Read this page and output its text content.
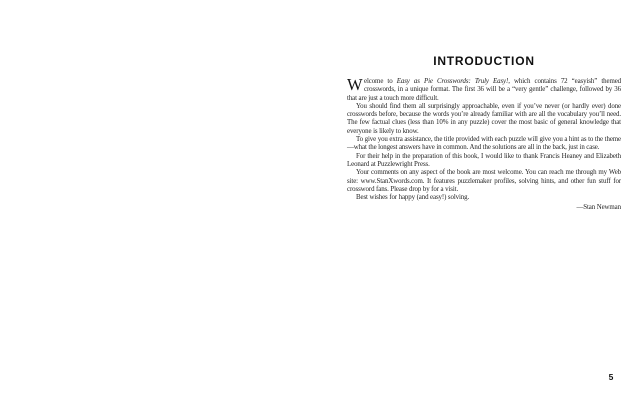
INTRODUCTION

Welcome to Easy as Pie Crosswords: Truly Easy!, which contains 72 “easyish” themed crosswords, in a unique format. The first 36 will be a “very gentle” challenge, followed by 36 that are just a touch more difficult.

You should find them all surprisingly approachable, even if you’ve never (or hardly ever) done crosswords before, because the words you’re already familiar with are all the vocabulary you’ll need. The few factual clues (less than 10% in any puzzle) cover the most basic of general knowledge that everyone is likely to know.

To give you extra assistance, the title provided with each puzzle will give you a hint as to the theme—what the longest answers have in common. And the solutions are all in the back, just in case.

For their help in the preparation of this book, I would like to thank Francis Heaney and Elizabeth Leonard at Puzzlewright Press.

Your comments on any aspect of the book are most welcome. You can reach me through my Web site: www.StanXwords.com. It features puzzlemaker profiles, solving hints, and other fun stuff for crossword fans. Please drop by for a visit.

Best wishes for happy (and easy!) solving.

—Stan Newman

5
